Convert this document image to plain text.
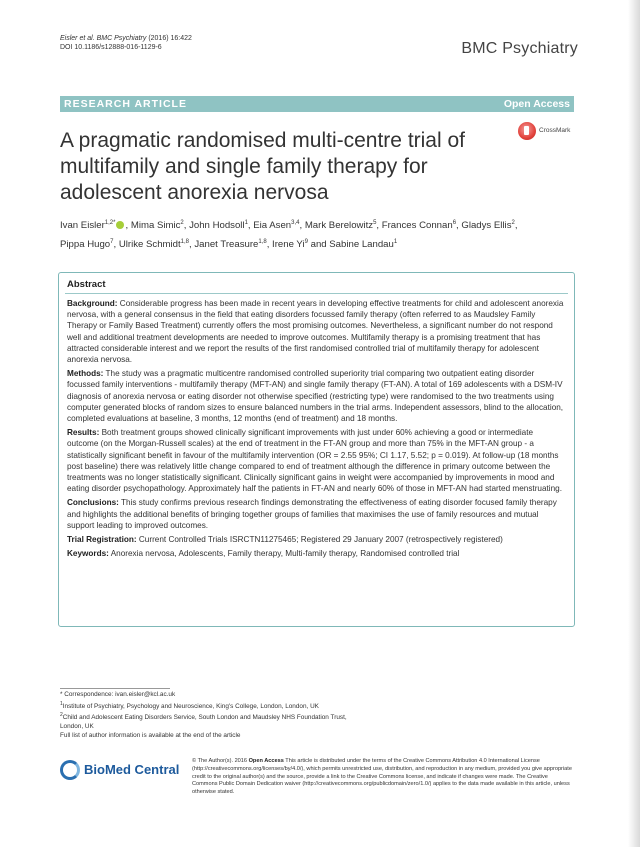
Eisler et al. BMC Psychiatry (2016) 16:422
DOI 10.1186/s12888-016-1129-6	BMC Psychiatry
RESEARCH ARTICLE	Open Access
A pragmatic randomised multi-centre trial of multifamily and single family therapy for adolescent anorexia nervosa
CrossMark
Ivan Eisler$^{1,2*}$ , Mima Simic$^2$, John Hodsoll$^1$, Eia Asen$^{3,4}$, Mark Berelowitz$^5$, Frances Connan$^6$, Gladys Ellis$^2$,
Pippa Hugo$^7$, Ulrike Schmidt$^{1,8}$, Janet Treasure$^{1,8}$, Irene Yi$^9$ and Sabine Landau$^1$
Abstract

Background: Considerable progress has been made in recent years in developing effective treatments for child and adolescent anorexia nervosa, with a general consensus in the field that eating disorders focussed family therapy (often referred to as Maudsley Family Therapy or Family Based Treatment) currently offers the most promising outcomes. Nevertheless, a significant number do not respond well and additional treatment developments are needed to improve outcomes. Multifamily therapy is a promising treatment that has attracted considerable interest and we report the results of the first randomised controlled trial of multifamily therapy for adolescent anorexia nervosa.

Methods: The study was a pragmatic multicentre randomised controlled superiority trial comparing two outpatient eating disorder focussed family interventions - multifamily therapy (MFT-AN) and single family therapy (FT-AN). A total of 169 adolescents with a DSM-IV diagnosis of anorexia nervosa or eating disorder not otherwise specified (restricting type) were randomised to the two treatments using computer generated blocks of random sizes to ensure balanced numbers in the trial arms. Independent assessors, blind to the allocation, completed evaluations at baseline, 3 months, 12 months (end of treatment) and 18 months.

Results: Both treatment groups showed clinically significant improvements with just under 60% achieving a good or intermediate outcome (on the Morgan-Russell scales) at the end of treatment in the FT-AN group and more than 75% in the MFT-AN group - a statistically significant benefit in favour of the multifamily intervention (OR = 2.55 95%; CI 1.17, 5.52; p = 0.019). At follow-up (18 months post baseline) there was relatively little change compared to end of treatment although the difference in primary outcome between the treatments was no longer statistically significant. Clinically significant gains in weight were accompanied by improvements in mood and eating disorder psychopathology. Approximately half the patients in FT-AN and nearly 60% of those in MFT-AN had started menstruating.

Conclusions: This study confirms previous research findings demonstrating the effectiveness of eating disorder focused family therapy and highlights the additional benefits of bringing together groups of families that maximises the use of family resources and mutual support leading to improved outcomes.

Trial Registration: Current Controlled Trials ISRCTN11275465; Registered 29 January 2007 (retrospectively registered)

Keywords: Anorexia nervosa, Adolescents, Family therapy, Multi-family therapy, Randomised controlled trial

* Correspondence: ivan.eisler@kcl.ac.uk
$^1$Institute of Psychiatry, Psychology and Neuroscience, King's College, London, London, UK
$^2$Child and Adolescent Eating Disorders Service, South London and Maudsley NHS Foundation Trust, London, UK
Full list of author information is available at the end of the article
BioMed Central
© The Author(s). 2016 Open Access This article is distributed under the terms of the Creative Commons Attribution 4.0 International License (http://creativecommons.org/licenses/by/4.0/), which permits unrestricted use, distribution, and reproduction in any medium, provided you give appropriate credit to the original author(s) and the source, provide a link to the Creative Commons license, and indicate if changes were made. The Creative Commons Public Domain Dedication waiver (http://creativecommons.org/publicdomain/zero/1.0/) applies to the data made available in this article, unless otherwise stated.
